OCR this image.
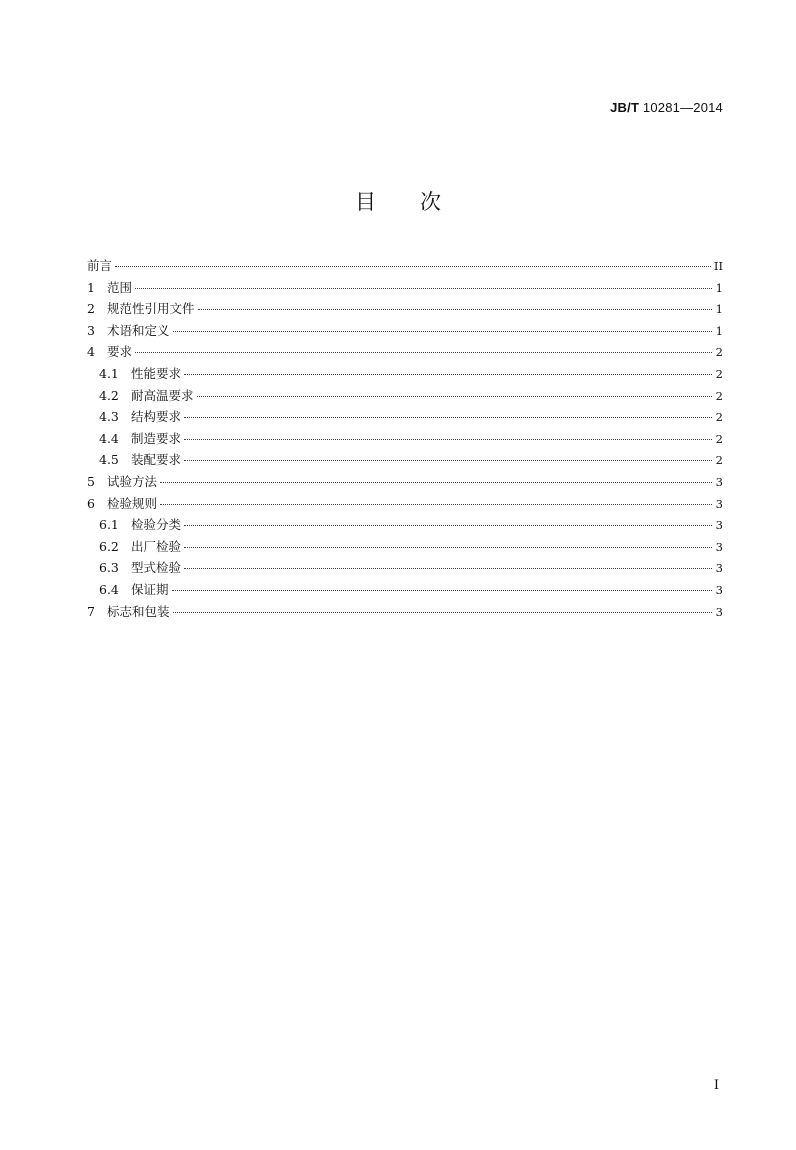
JB/T 10281—2014
目次
前言	II
1 范围	1
2 规范性引用文件	1
3 术语和定义	1
4 要求	2
4.1 性能要求	2
4.2 耐高温要求	2
4.3 结构要求	2
4.4 制造要求	2
4.5 装配要求	2
5 试验方法	3
6 检验规则	3
6.1 检验分类	3
6.2 出厂检验	3
6.3 型式检验	3
6.4 保证期	3
7 标志和包装	3
I
